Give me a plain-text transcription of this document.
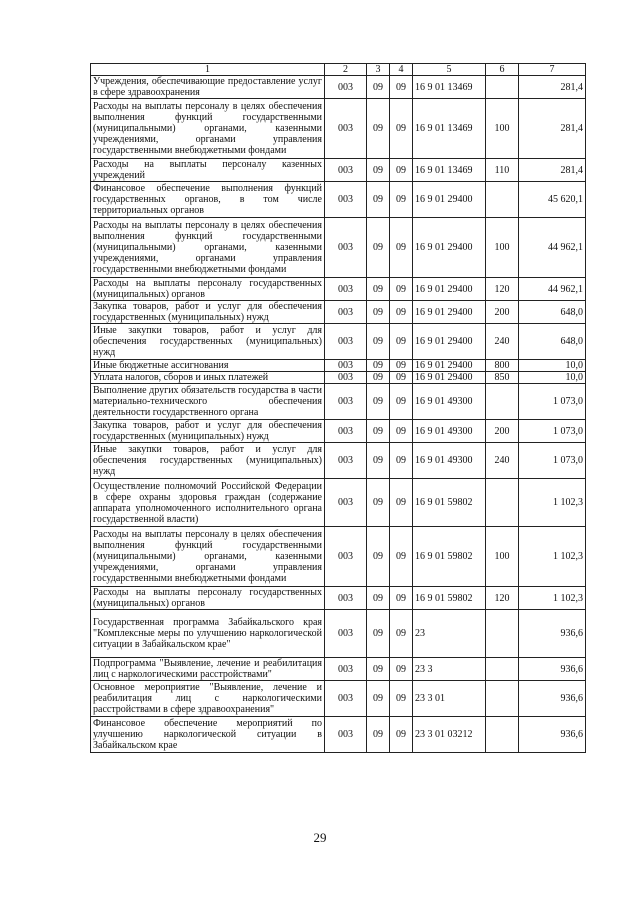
1	2	3	4	5	6	7
Учреждения, обеспечивающие предоставление услуг в сфере здравоохранения	003	09	09	16 9 01 13469		281,4
Расходы на выплаты персоналу в целях обеспечения выполнения функций государственными (муниципальными) органами, казенными учреждениями, органами управления государственными внебюджетными фондами	003	09	09	16 9 01 13469	100	281,4
Расходы на выплаты персоналу казенных учреждений	003	09	09	16 9 01 13469	110	281,4
Финансовое обеспечение выполнения функций государственных органов, в том числе территориальных органов	003	09	09	16 9 01 29400		45 620,1
Расходы на выплаты персоналу в целях обеспечения выполнения функций государственными (муниципальными) органами, казенными учреждениями, органами управления государственными внебюджетными фондами	003	09	09	16 9 01 29400	100	44 962,1
Расходы на выплаты персоналу государственных (муниципальных) органов	003	09	09	16 9 01 29400	120	44 962,1
Закупка товаров, работ и услуг для обеспечения государственных (муниципальных) нужд	003	09	09	16 9 01 29400	200	648,0
Иные закупки товаров, работ и услуг для обеспечения государственных (муниципальных) нужд	003	09	09	16 9 01 29400	240	648,0
Иные бюджетные ассигнования	003	09	09	16 9 01 29400	800	10,0
Уплата налогов, сборов и иных платежей	003	09	09	16 9 01 29400	850	10,0
Выполнение других обязательств государства в части материально-технического обеспечения деятельности государственного органа	003	09	09	16 9 01 49300		1 073,0
Закупка товаров, работ и услуг для обеспечения государственных (муниципальных) нужд	003	09	09	16 9 01 49300	200	1 073,0
Иные закупки товаров, работ и услуг для обеспечения государственных (муниципальных) нужд	003	09	09	16 9 01 49300	240	1 073,0
Осуществление полномочий Российской Федерации в сфере охраны здоровья граждан (содержание аппарата уполномоченного исполнительного органа государственной власти)	003	09	09	16 9 01 59802		1 102,3
Расходы на выплаты персоналу в целях обеспечения выполнения функций государственными (муниципальными) органами, казенными учреждениями, органами управления государственными внебюджетными фондами	003	09	09	16 9 01 59802	100	1 102,3
Расходы на выплаты персоналу государственных (муниципальных) органов	003	09	09	16 9 01 59802	120	1 102,3
Государственная программа Забайкальского края "Комплексные меры по улучшению наркологической ситуации в Забайкальском крае"	003	09	09	23		936,6
Подпрограмма "Выявление, лечение и реабилитация лиц с наркологическими расстройствами"	003	09	09	23 3		936,6
Основное мероприятие "Выявление, лечение и реабилитация лиц с наркологическими расстройствами в сфере здравоохранения"	003	09	09	23 3 01		936,6
Финансовое обеспечение мероприятий по улучшению наркологической ситуации в Забайкальском крае	003	09	09	23 3 01 03212		936,6
29
